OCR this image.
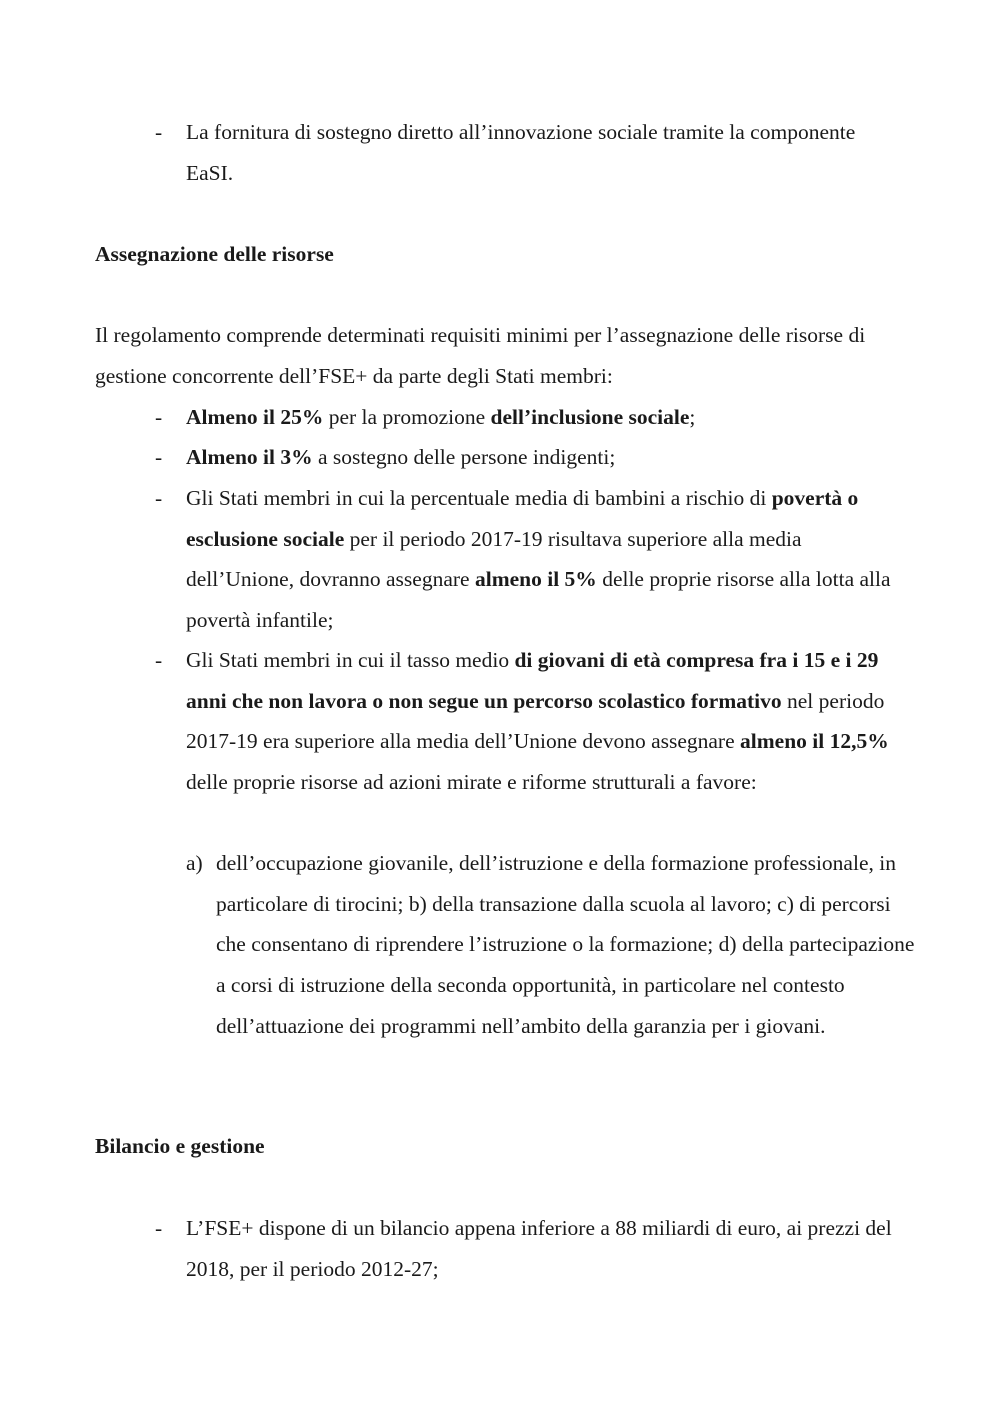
- La fornitura di sostegno diretto all’innovazione sociale tramite la componente EaSI.
Assegnazione delle risorse

Il regolamento comprende determinati requisiti minimi per l’assegnazione delle risorse di gestione concorrente dell’FSE+ da parte degli Stati membri:

- Almeno il 25% per la promozione dell’inclusione sociale;
- Almeno il 3% a sostegno delle persone indigenti;
- Gli Stati membri in cui la percentuale media di bambini a rischio di povertà o esclusione sociale per il periodo 2017-19 risultava superiore alla media dell’Unione, dovranno assegnare almeno il 5% delle proprie risorse alla lotta alla povertà infantile;
- Gli Stati membri in cui il tasso medio di giovani di età compresa fra i 15 e i 29 anni che non lavora o non segue un percorso scolastico formativo nel periodo 2017-19 era superiore alla media dell’Unione devono assegnare almeno il 12,5% delle proprie risorse ad azioni mirate e riforme strutturali a favore:
a) dell’occupazione giovanile, dell’istruzione e della formazione professionale, in particolare di tirocini; b) della transazione dalla scuola al lavoro; c) di percorsi che consentano di riprendere l’istruzione o la formazione; d) della partecipazione a corsi di istruzione della seconda opportunità, in particolare nel contesto dell’attuazione dei programmi nell’ambito della garanzia per i giovani.
Bilancio e gestione
- L’FSE+ dispone di un bilancio appena inferiore a 88 miliardi di euro, ai prezzi del 2018, per il periodo 2012-27;
